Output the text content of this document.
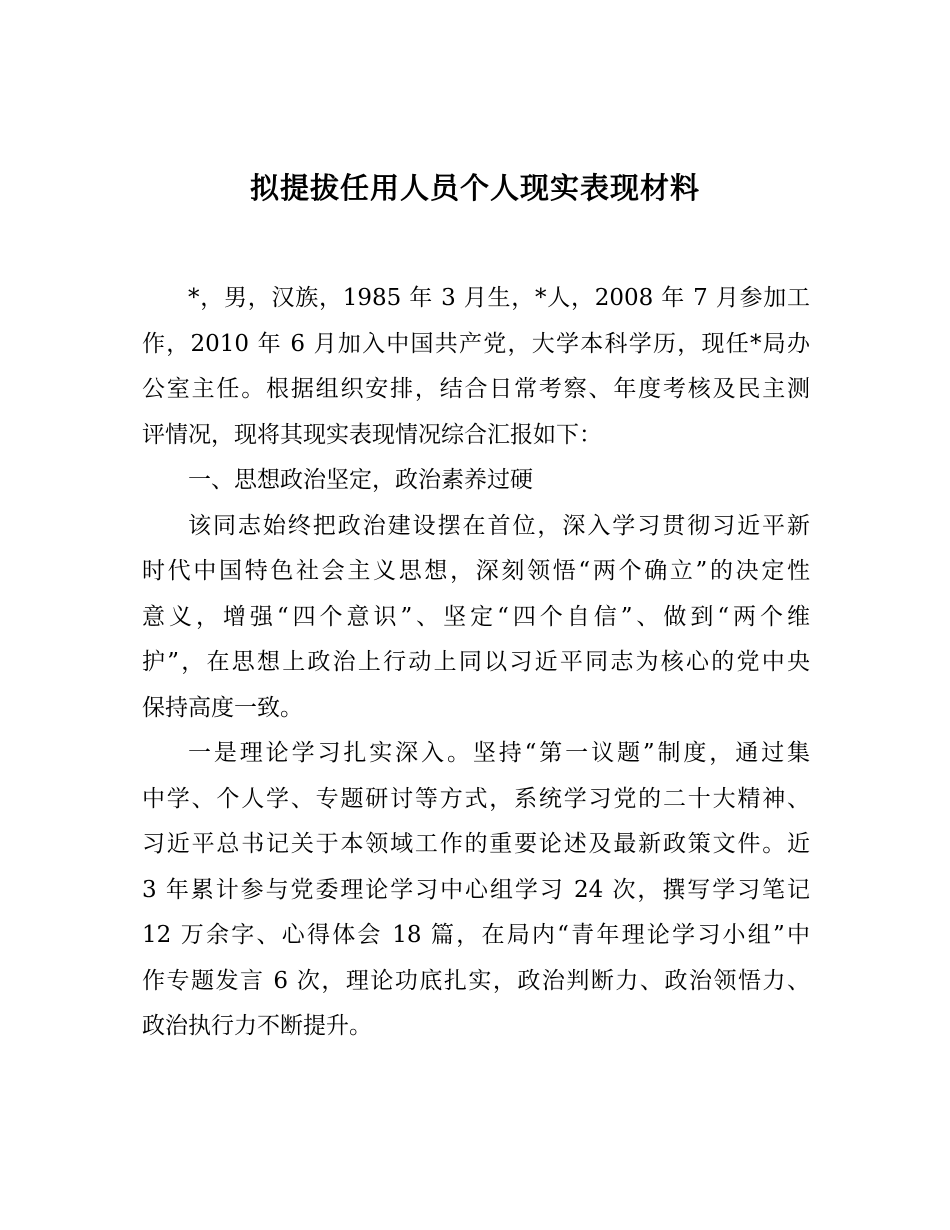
拟提拔任用人员个人现实表现材料
*，男，汉族，1985 年 3 月生，*人，2008 年 7 月参加工
作，2010 年 6 月加入中国共产党，大学本科学历，现任*局办
公室主任。根据组织安排，结合日常考察、年度考核及民主测
评情况，现将其现实表现情况综合汇报如下：
一、思想政治坚定，政治素养过硬
该同志始终把政治建设摆在首位，深入学习贯彻习近平新
时代中国特色社会主义思想，深刻领悟“两个确立”的决定性
意义，增强“四个意识”、坚定“四个自信”、做到“两个维
护”，在思想上政治上行动上同以习近平同志为核心的党中央
保持高度一致。
一是理论学习扎实深入。坚持“第一议题”制度，通过集
中学、个人学、专题研讨等方式，系统学习党的二十大精神、
习近平总书记关于本领域工作的重要论述及最新政策文件。近
3 年累计参与党委理论学习中心组学习 24 次，撰写学习笔记
12 万余字、心得体会 18 篇，在局内“青年理论学习小组”中
作专题发言 6 次，理论功底扎实，政治判断力、政治领悟力、
政治执行力不断提升。
